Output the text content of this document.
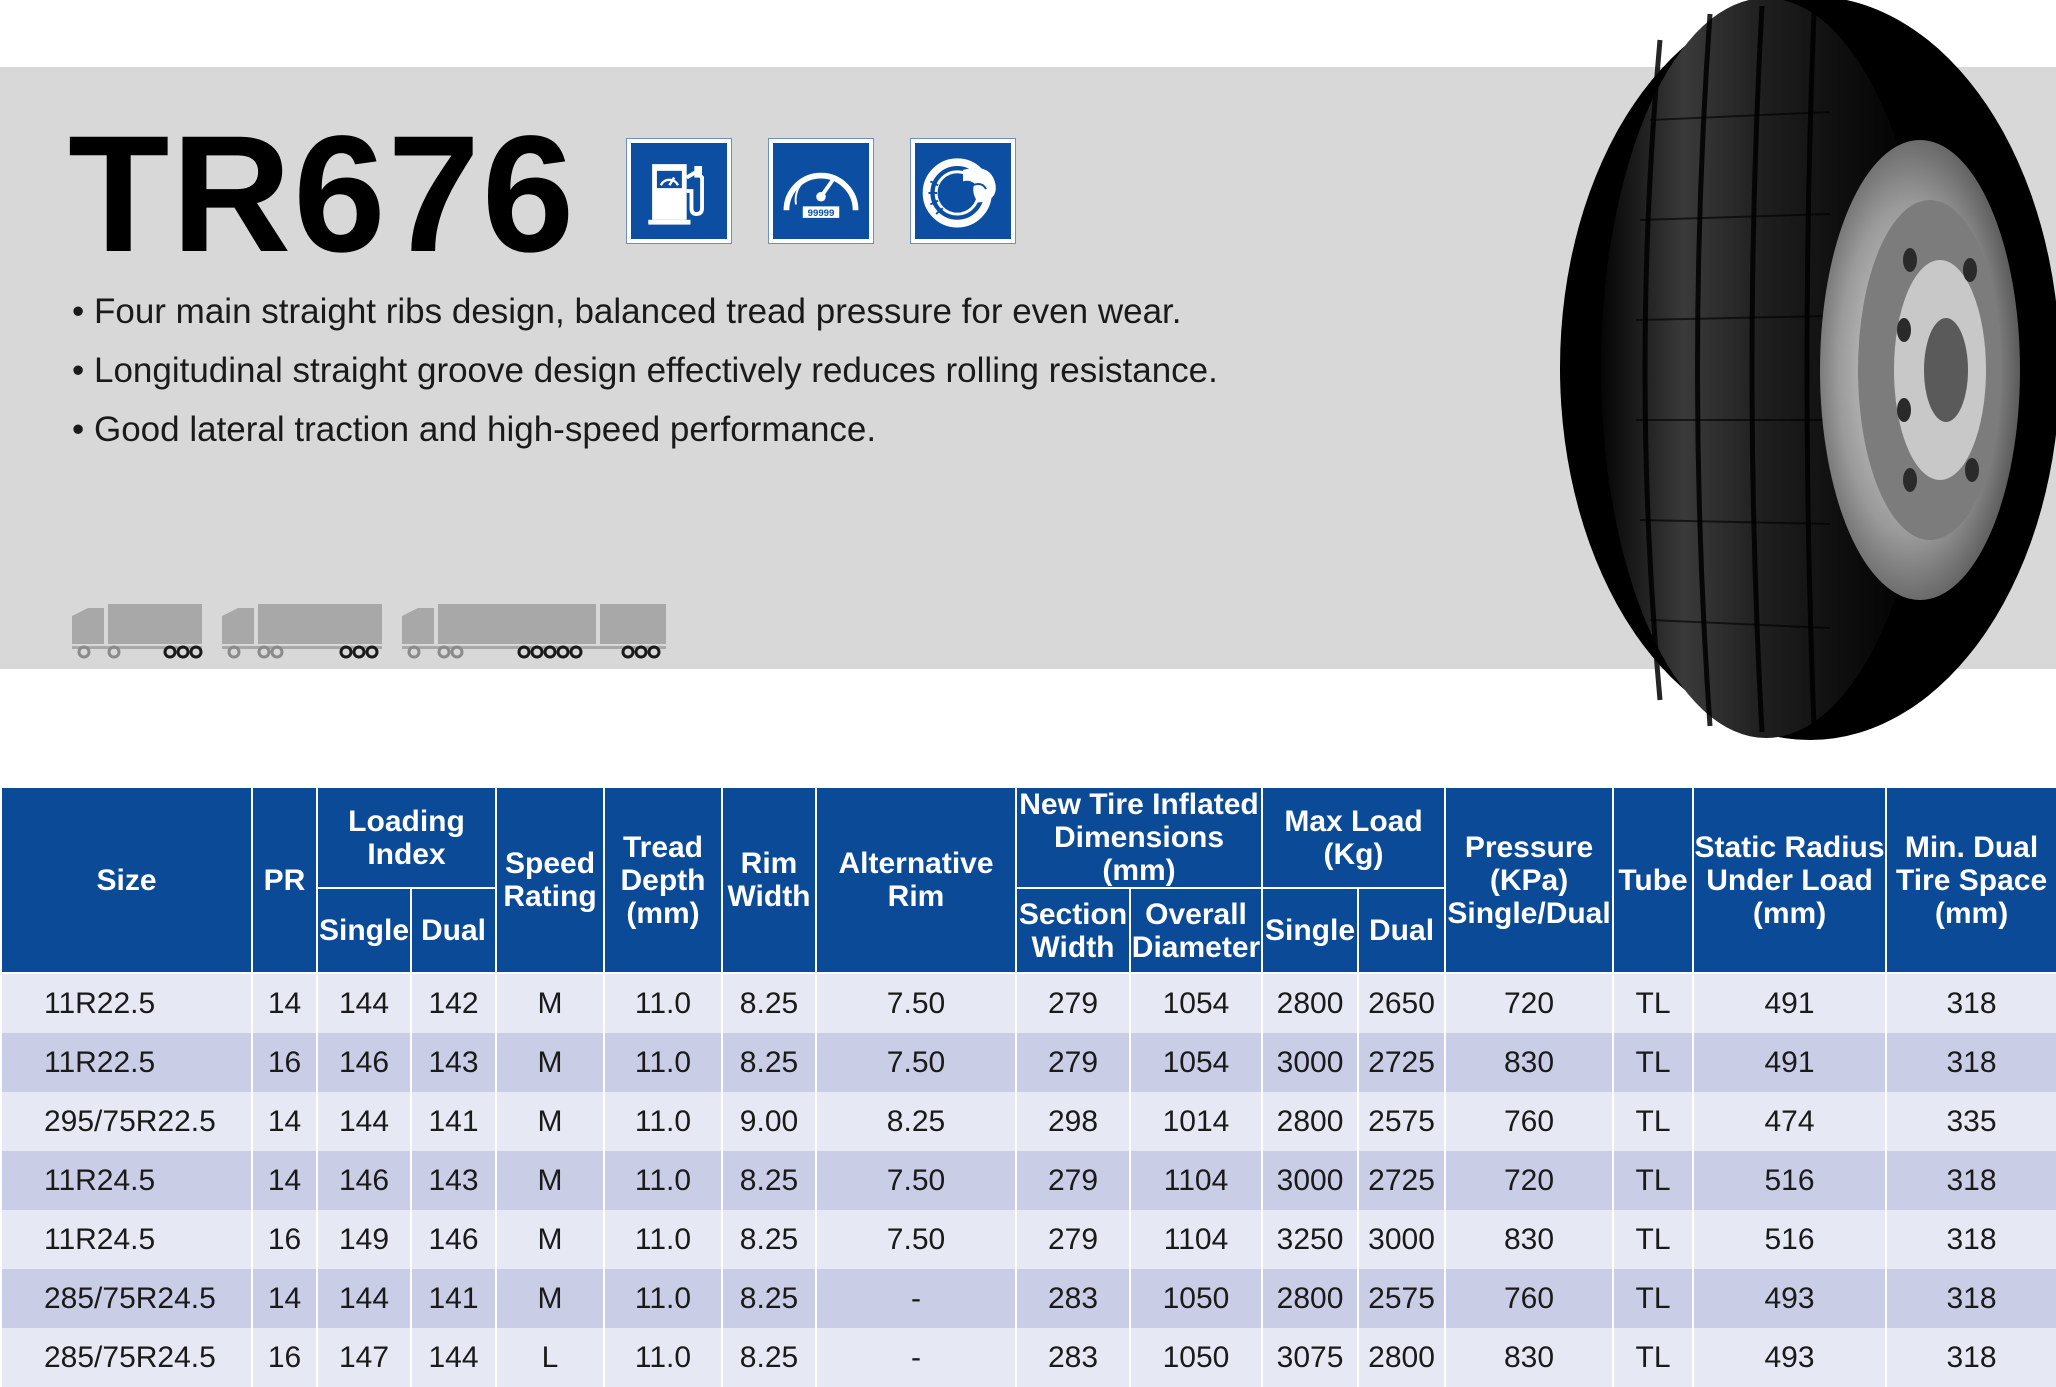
TR676	99999
• Four main straight ribs design, balanced tread pressure for even wear.
• Longitudinal straight groove design effectively reduces rolling resistance.
• Good lateral traction and high-speed performance.
Size	PR	Loading Index		Speed Rating	Tread Depth (mm)	Rim Width	Alternative Rim	New Tire Inflated Dimensions (mm)		Max Load (Kg)		Pressure (KPa) Single/Dual	Tube	Static Radius Under Load (mm)	Min. Dual Tire Space (mm)
		Single	Dual					Section Width	Overall Diameter	Single	Dual				
11R22.5	14	144	142	M	11.0	8.25	7.50	279	1054	2800	2650	720	TL	491	318
11R22.5	16	146	143	M	11.0	8.25	7.50	279	1054	3000	2725	830	TL	491	318
295/75R22.5	14	144	141	M	11.0	9.00	8.25	298	1014	2800	2575	760	TL	474	335
11R24.5	14	146	143	M	11.0	8.25	7.50	279	1104	3000	2725	720	TL	516	318
11R24.5	16	149	146	M	11.0	8.25	7.50	279	1104	3250	3000	830	TL	516	318
285/75R24.5	14	144	141	M	11.0	8.25	-	283	1050	2800	2575	760	TL	493	318
285/75R24.5	16	147	144	L	11.0	8.25	-	283	1050	3075	2800	830	TL	493	318
